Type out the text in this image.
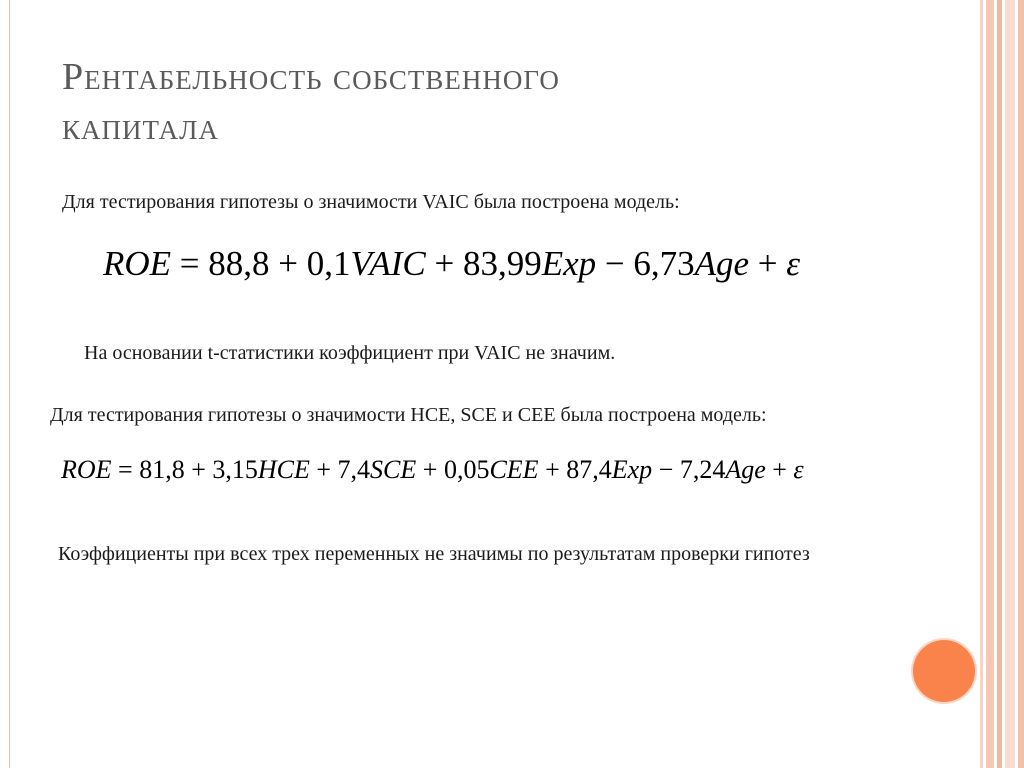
Рентабельность собственного
капитала
Для тестирования гипотезы о значимости VAIC была построена модель:
ROE = 88,8 + 0,1VAIC + 83,99Exp − 6,73Age + ε
На основании t-статистики коэффициент при VAIC не значим.
Для тестирования гипотезы о значимости HCE, SCE и CEE была построена модель:
ROE = 81,8 + 3,15HCE + 7,4SCE + 0,05CEE + 87,4Exp − 7,24Age + ε
Коэффициенты при всех трех переменных не значимы по результатам проверки гипотез
